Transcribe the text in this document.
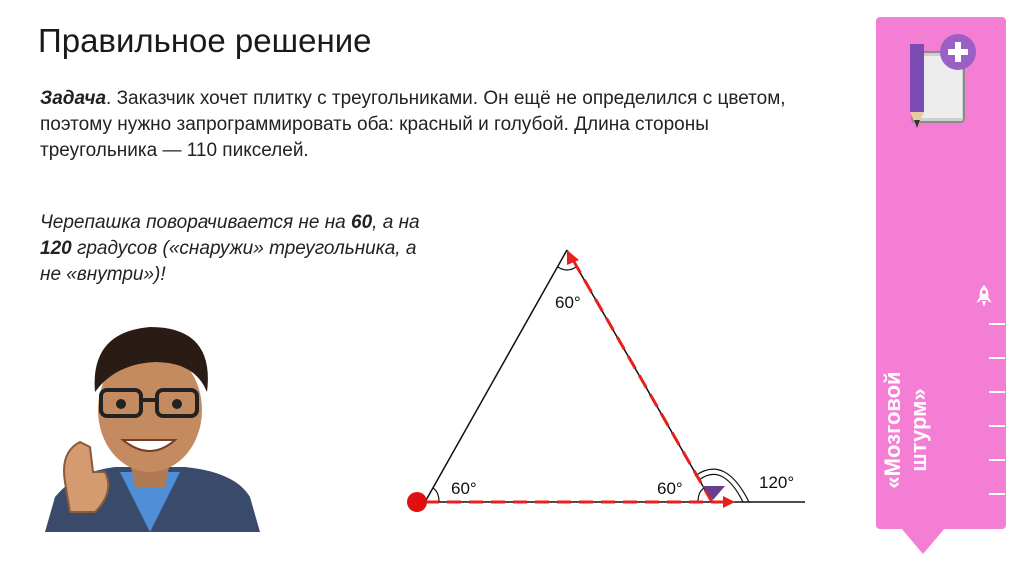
Правильное решение
Задача. Заказчик хочет плитку с треугольниками. Он ещё не определился с цветом, поэтому нужно запрограммировать оба: красный и голубой. Длина стороны треугольника — 110 пикселей.
Черепашка поворачивается не на 60, а на 120 градусов («снаружи» треугольника, а не «внутри»)!
60°
60°	60°	120°	«Мозговой штурм»
